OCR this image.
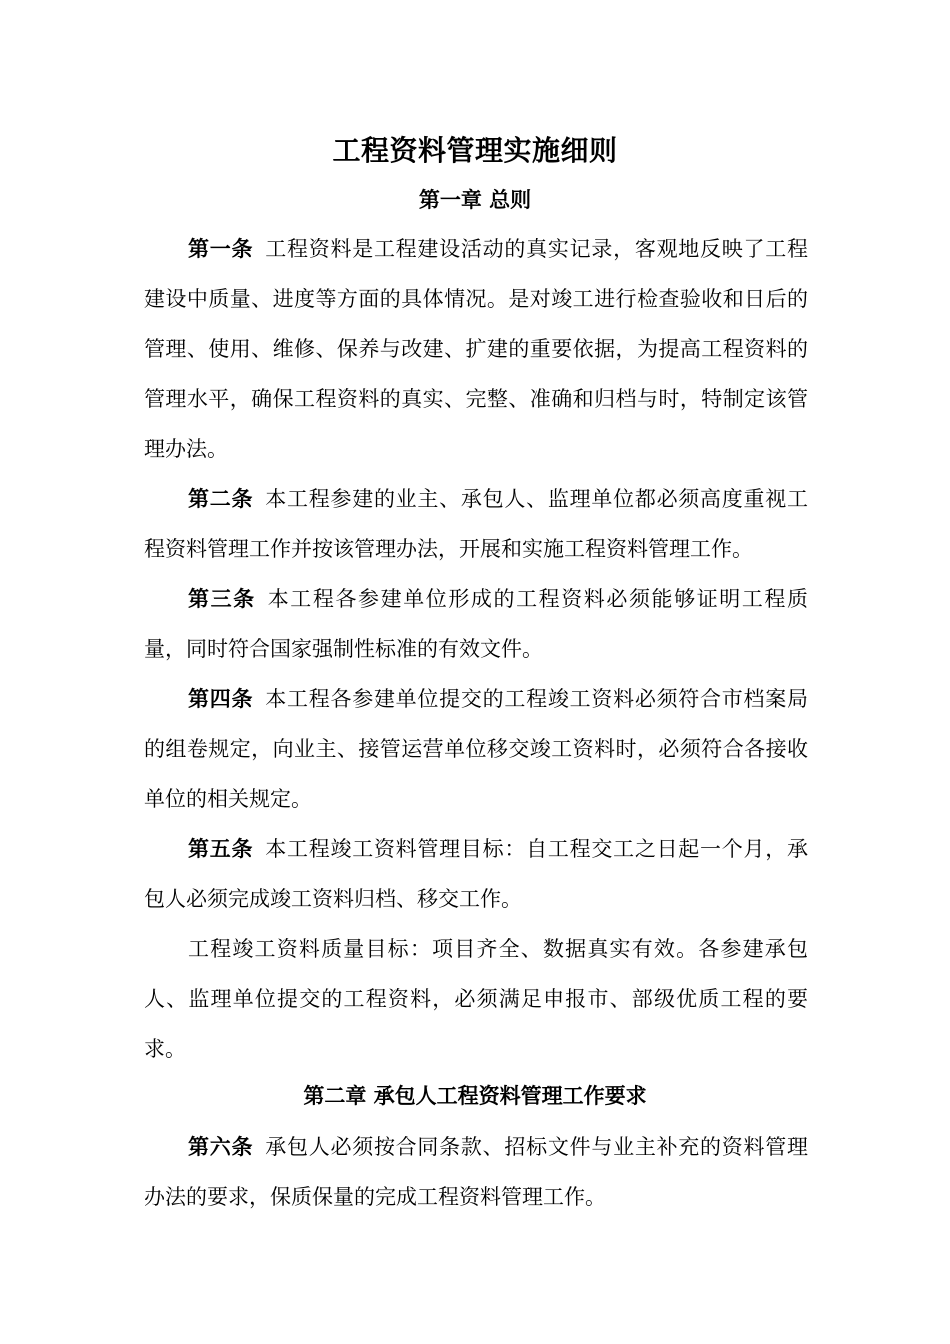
工程资料管理实施细则
第一章 总则

第一条 工程资料是工程建设活动的真实记录，客观地反映了工程建设中质量、进度等方面的具体情况。是对竣工进行检查验收和日后的管理、使用、维修、保养与改建、扩建的重要依据，为提高工程资料的管理水平，确保工程资料的真实、完整、准确和归档与时，特制定该管理办法。

第二条 本工程参建的业主、承包人、监理单位都必须高度重视工程资料管理工作并按该管理办法，开展和实施工程资料管理工作。

第三条 本工程各参建单位形成的工程资料必须能够证明工程质量，同时符合国家强制性标准的有效文件。

第四条 本工程各参建单位提交的工程竣工资料必须符合市档案局的组卷规定，向业主、接管运营单位移交竣工资料时，必须符合各接收单位的相关规定。

第五条 本工程竣工资料管理目标：自工程交工之日起一个月，承包人必须完成竣工资料归档、移交工作。

工程竣工资料质量目标：项目齐全、数据真实有效。各参建承包人、监理单位提交的工程资料，必须满足申报市、部级优质工程的要求。

第二章 承包人工程资料管理工作要求

第六条 承包人必须按合同条款、招标文件与业主补充的资料管理办法的要求，保质保量的完成工程资料管理工作。
